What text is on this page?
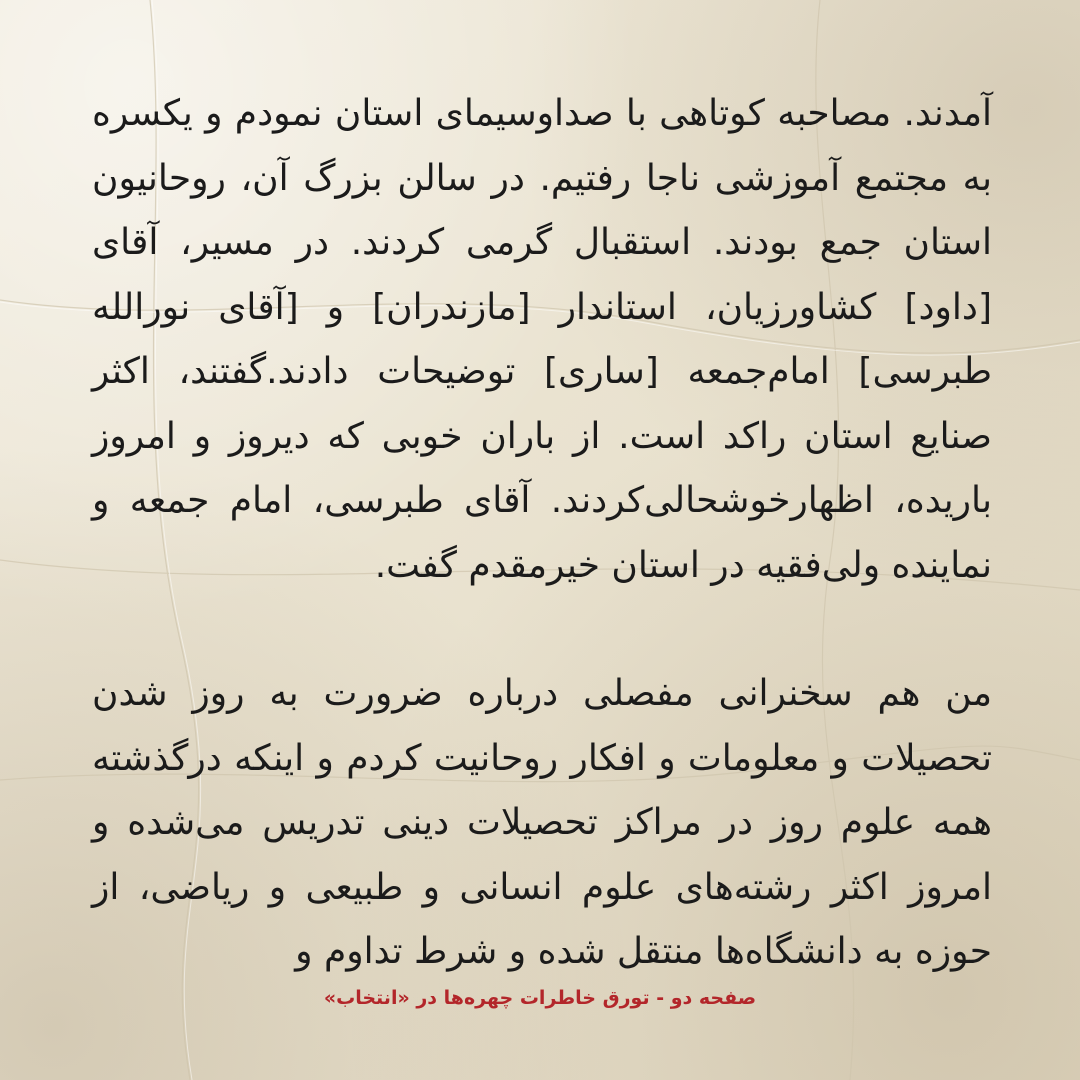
آمدند. مصاحبه کوتاهی با صداوسیمای استان نمودم و یکسره به مجتمع آموزشی ناجا رفتیم. در سالن بزرگ آن، روحانیون استان جمع بودند. استقبال گرمی کردند. در مسیر، آقای [داود] کشاورزیان، استاندار [مازندران] و [آقای نورالله طبرسی] امام‌جمعه [ساری] توضیحات دادند.گفتند، اکثر صنایع استان راکد است. از باران خوبی که دیروز و امروز باریده، اظهارخوشحالی‌کردند. آقای طبرسی، امام جمعه و نماینده ولی‌فقیه در استان خیرمقدم گفت.

من هم سخنرانی مفصلی درباره ضرورت به روز شدن تحصیلات و معلومات و افکار روحانیت کردم و اینکه درگذشته همه علوم روز در مراکز تحصیلات دینی تدریس می‌شده و امروز اکثر رشته‌های علوم انسانی و طبیعی و ریاضی، از حوزه به دانشگاه‌ها منتقل شده و شرط تداوم و

صفحه دو - تورق خاطرات چهره‌ها در «انتخاب»
